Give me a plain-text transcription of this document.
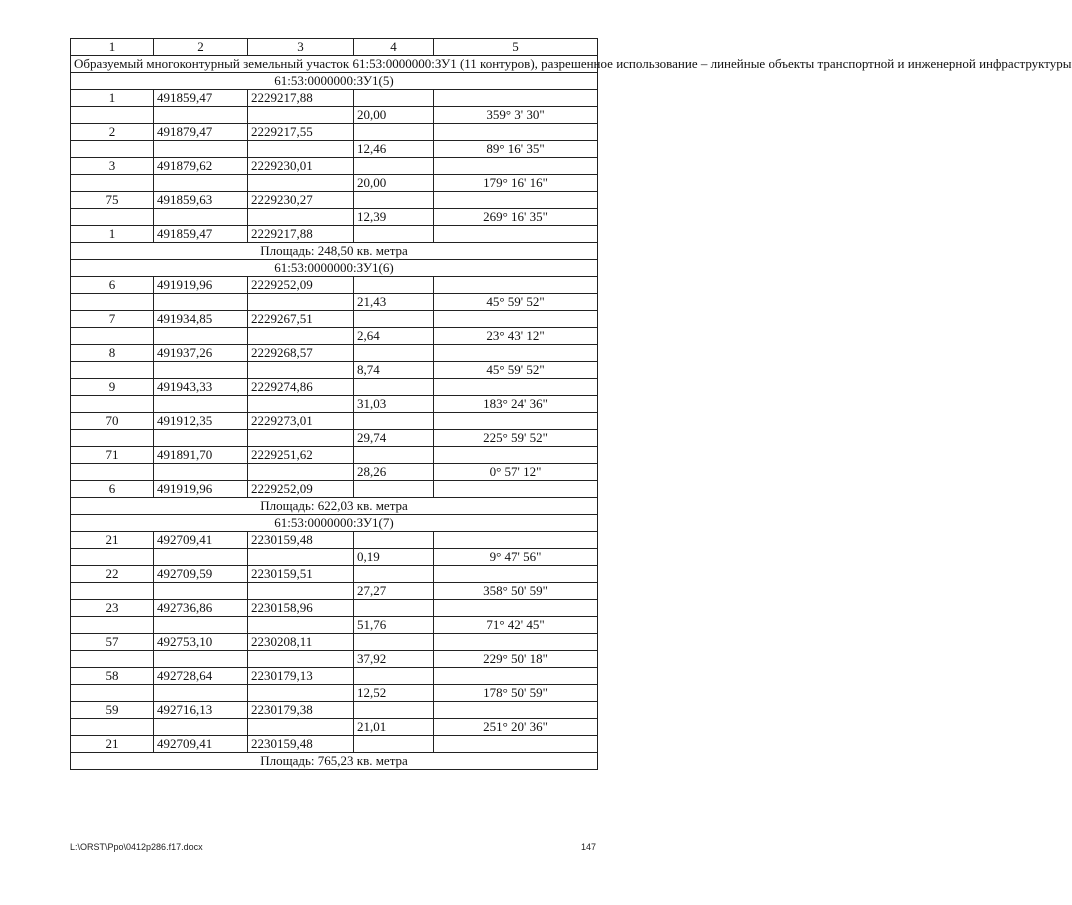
1	2	3	4	5
Образуемый многоконтурный земельный участок 61:53:0000000:ЗУ1 (11 контуров), разрешенное использование – линейные объекты транспортной и инженерной инфраструктуры				
61:53:0000000:ЗУ1(5)				
1	491859,47	2229217,88		
			20,00	359° 3' 30"
2	491879,47	2229217,55		
			12,46	89° 16' 35"
3	491879,62	2229230,01		
			20,00	179° 16' 16"
75	491859,63	2229230,27		
			12,39	269° 16' 35"
1	491859,47	2229217,88		
Площадь: 248,50 кв. метра				
61:53:0000000:ЗУ1(6)				
6	491919,96	2229252,09		
			21,43	45° 59' 52"
7	491934,85	2229267,51		
			2,64	23° 43' 12"
8	491937,26	2229268,57		
			8,74	45° 59' 52"
9	491943,33	2229274,86		
			31,03	183° 24' 36"
70	491912,35	2229273,01		
			29,74	225° 59' 52"
71	491891,70	2229251,62		
			28,26	0° 57' 12"
6	491919,96	2229252,09		
Площадь: 622,03 кв. метра				
61:53:0000000:ЗУ1(7)				
21	492709,41	2230159,48		
			0,19	9° 47' 56"
22	492709,59	2230159,51		
			27,27	358° 50' 59"
23	492736,86	2230158,96		
			51,76	71° 42' 45"
57	492753,10	2230208,11		
			37,92	229° 50' 18"
58	492728,64	2230179,13		
			12,52	178° 50' 59"
59	492716,13	2230179,38		
			21,01	251° 20' 36"
21	492709,41	2230159,48		
Площадь: 765,23 кв. метра				
L:\ORST\Ppo\0412p286.f17.docx	147
